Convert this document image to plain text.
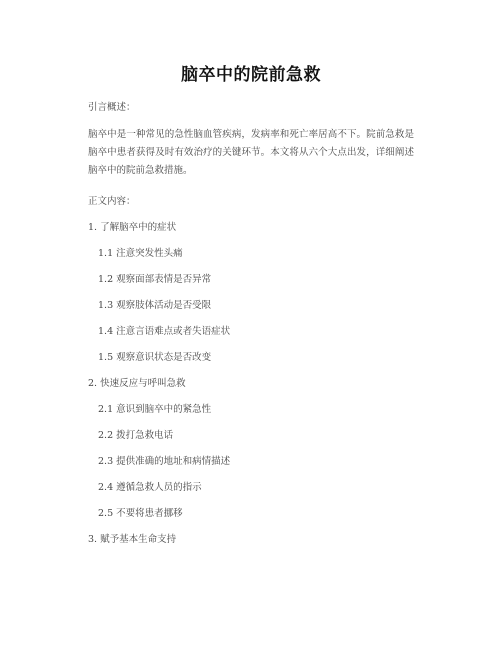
脑卒中的院前急救
引言概述：
脑卒中是一种常见的急性脑血管疾病，发病率和死亡率居高不下。院前急救是脑卒中患者获得及时有效治疗的关键环节。本文将从六个大点出发，详细阐述脑卒中的院前急救措施。
正文内容：
1. 了解脑卒中的症状
1.1 注意突发性头痛
1.2 观察面部表情是否异常
1.3 观察肢体活动是否受限
1.4 注意言语难点或者失语症状
1.5 观察意识状态是否改变
2. 快速反应与呼叫急救
2.1 意识到脑卒中的紧急性
2.2 拨打急救电话
2.3 提供准确的地址和病情描述
2.4 遵循急救人员的指示
2.5 不要将患者挪移
3. 赋予基本生命支持
